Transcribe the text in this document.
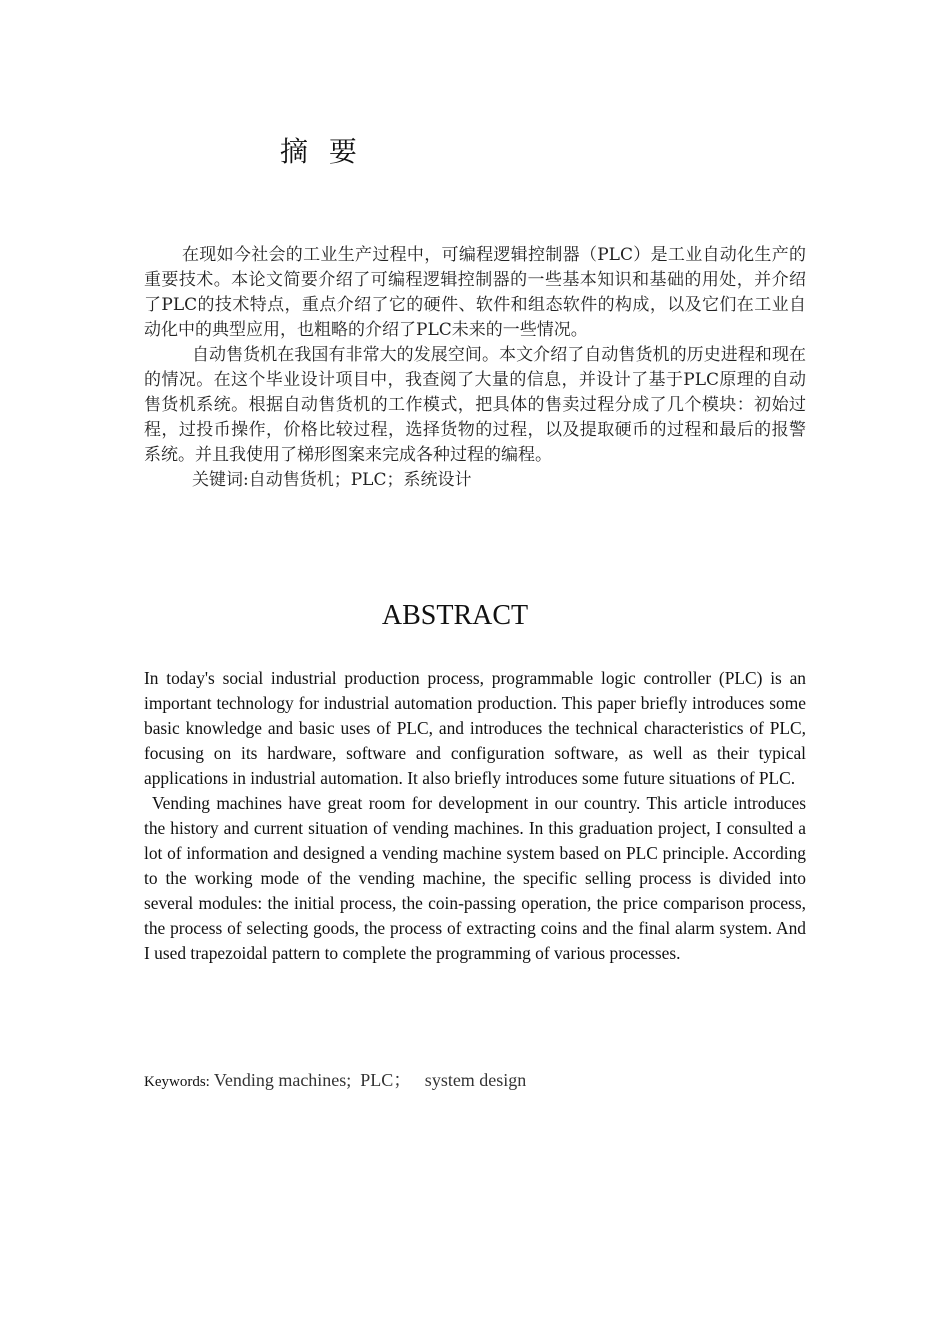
摘 要

在现如今社会的工业生产过程中，可编程逻辑控制器（PLC）是工业自动化生产的重要技术。本论文简要介绍了可编程逻辑控制器的一些基本知识和基础的用处，并介绍了PLC的技术特点，重点介绍了它的硬件、软件和组态软件的构成，以及它们在工业自动化中的典型应用，也粗略的介绍了PLC未来的一些情况。

自动售货机在我国有非常大的发展空间。本文介绍了自动售货机的历史进程和现在的情况。在这个毕业设计项目中，我查阅了大量的信息，并设计了基于PLC原理的自动售货机系统。根据自动售货机的工作模式，把具体的售卖过程分成了几个模块：初始过程，过投币操作，价格比较过程，选择货物的过程，以及提取硬币的过程和最后的报警系统。并且我使用了梯形图案来完成各种过程的编程。

关键词:自动售货机；PLC；系统设计

ABSTRACT

In today's social industrial production process, programmable logic controller (PLC) is an important technology for industrial automation production. This paper briefly introduces some basic knowledge and basic uses of PLC, and introduces the technical characteristics of PLC, focusing on its hardware, software and configuration software, as well as their typical applications in industrial automation. It also briefly introduces some future situations of PLC.

Vending machines have great room for development in our country. This article introduces the history and current situation of vending machines. In this graduation project, I consulted a lot of information and designed a vending machine system based on PLC principle. According to the working mode of the vending machine, the specific selling process is divided into several modules: the initial process, the coin-passing operation, the price comparison process, the process of selecting goods, the process of extracting coins and the final alarm system. And I used trapezoidal pattern to complete the programming of various processes.

Keywords: Vending machines;  PLC；   system design
